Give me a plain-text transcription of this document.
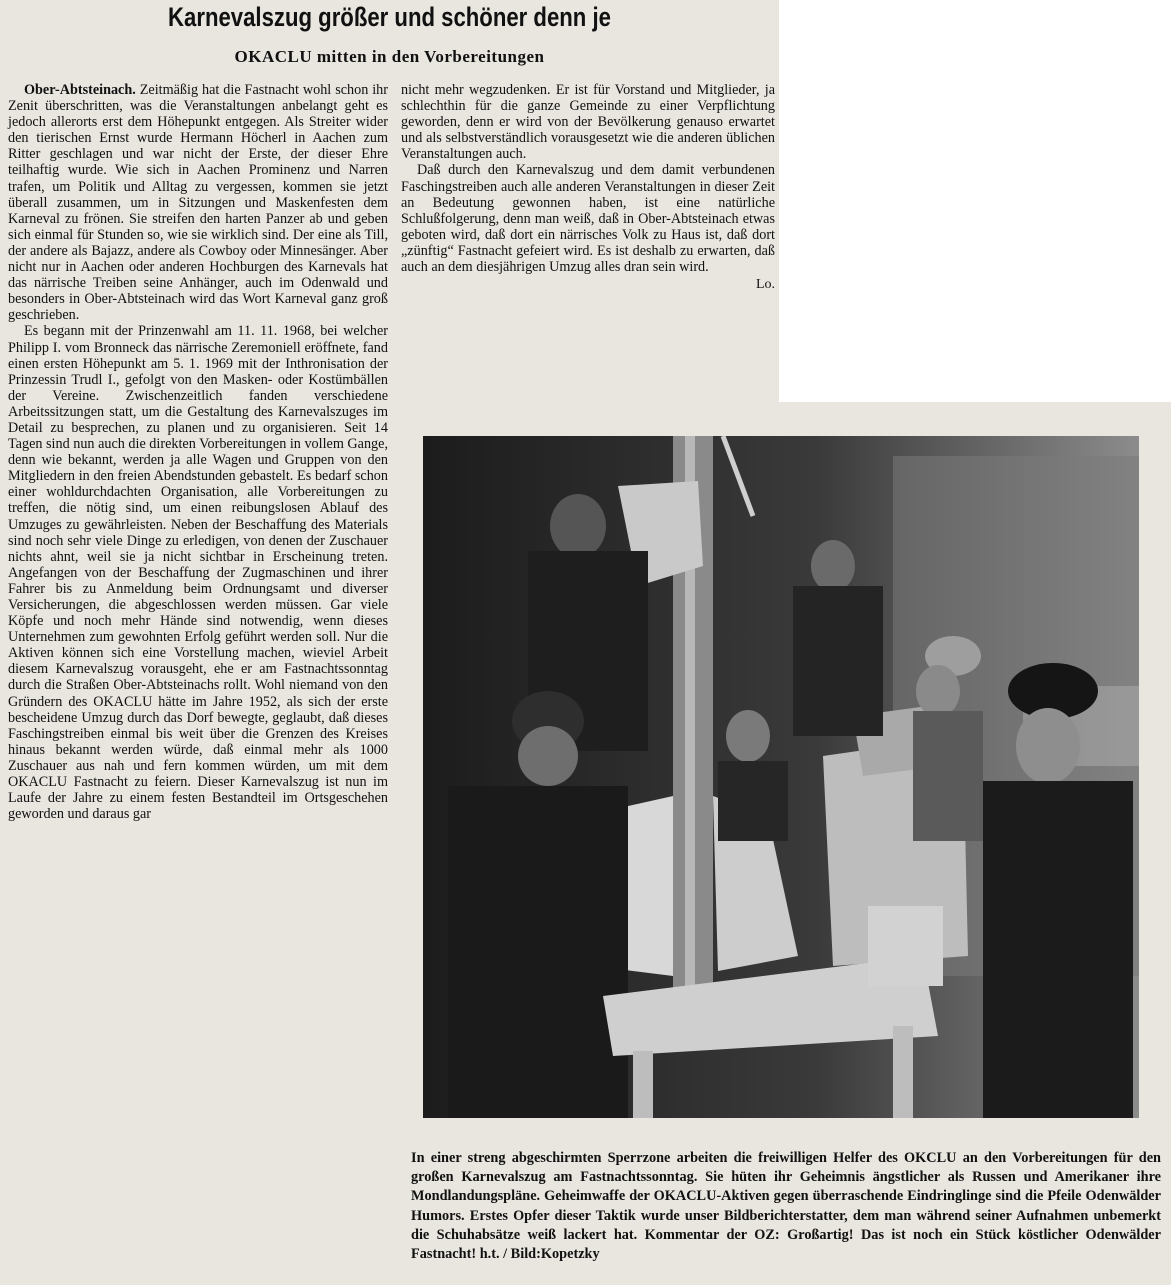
Karnevalszug größer und schöner denn je
OKACLU mitten in den Vorbereitungen

Ober-Abtsteinach. Zeitmäßig hat die Fastnacht wohl schon ihr Zenit überschritten, was die Veranstaltungen anbelangt geht es jedoch allerorts erst dem Höhepunkt entgegen. Als Streiter wider den tierischen Ernst wurde Hermann Höcherl in Aachen zum Ritter geschlagen und war nicht der Erste, der dieser Ehre teilhaftig wurde. Wie sich in Aachen Prominenz und Narren trafen, um Politik und Alltag zu vergessen, kommen sie jetzt überall zusammen, um in Sitzungen und Maskenfesten dem Karneval zu frönen. Sie streifen den harten Panzer ab und geben sich einmal für Stunden so, wie sie wirklich sind. Der eine als Till, der andere als Bajazz, andere als Cowboy oder Minnesänger. Aber nicht nur in Aachen oder anderen Hochburgen des Karnevals hat das närrische Treiben seine Anhänger, auch im Odenwald und besonders in Ober-Abtsteinach wird das Wort Karneval ganz groß geschrieben.

Es begann mit der Prinzenwahl am 11. 11. 1968, bei welcher Philipp I. vom Bronneck das närrische Zeremoniell eröffnete, fand einen ersten Höhepunkt am 5. 1. 1969 mit der Inthronisation der Prinzessin Trudl I., gefolgt von den Masken- oder Kostümbällen der Vereine. Zwischenzeitlich fanden verschiedene Arbeitssitzungen statt, um die Gestaltung des Karnevalszuges im Detail zu besprechen, zu planen und zu organisieren. Seit 14 Tagen sind nun auch die direkten Vorbereitungen in vollem Gange, denn wie bekannt, werden ja alle Wagen und Gruppen von den Mitgliedern in den freien Abendstunden gebastelt. Es bedarf schon einer wohldurchdachten Organisation, alle Vorbereitungen zu treffen, die nötig sind, um einen reibungslosen Ablauf des Umzuges zu gewährleisten. Neben der Beschaffung des Materials sind noch sehr viele Dinge zu erledigen, von denen der Zuschauer nichts ahnt, weil sie ja nicht sichtbar in Erscheinung treten. Angefangen von der Beschaffung der Zugmaschinen und ihrer Fahrer bis zu Anmeldung beim Ordnungsamt und diverser Versicherungen, die abgeschlossen werden müssen. Gar viele Köpfe und noch mehr Hände sind notwendig, wenn dieses Unternehmen zum gewohnten Erfolg geführt werden soll. Nur die Aktiven können sich eine Vorstellung machen, wieviel Arbeit diesem Karnevalszug vorausgeht, ehe er am Fastnachtssonntag durch die Straßen Ober-Abtsteinachs rollt. Wohl niemand von den Gründern des OKACLU hätte im Jahre 1952, als sich der erste bescheidene Umzug durch das Dorf bewegte, geglaubt, daß dieses Faschingstreiben einmal bis weit über die Grenzen des Kreises hinaus bekannt werden würde, daß einmal mehr als 1000 Zuschauer aus nah und fern kommen würden, um mit dem OKACLU Fastnacht zu feiern. Dieser Karnevalszug ist nun im Laufe der Jahre zu einem festen Bestandteil im Ortsgeschehen geworden und daraus gar

nicht mehr wegzudenken. Er ist für Vorstand und Mitglieder, ja schlechthin für die ganze Gemeinde zu einer Verpflichtung geworden, denn er wird von der Bevölkerung genauso erwartet und als selbstverständlich vorausgesetzt wie die anderen üblichen Veranstaltungen auch.

Daß durch den Karnevalszug und dem damit verbundenen Faschingstreiben auch alle anderen Veranstaltungen in dieser Zeit an Bedeutung gewonnen haben, ist eine natürliche Schlußfolgerung, denn man weiß, daß in Ober-Abtsteinach etwas geboten wird, daß dort ein närrisches Volk zu Haus ist, daß dort „zünftig“ Fastnacht gefeiert wird. Es ist deshalb zu erwarten, daß auch an dem diesjährigen Umzug alles dran sein wird.

Lo.
In einer streng abgeschirmten Sperrzone arbeiten die freiwilligen Helfer des OKCLU an den Vorbereitungen für den großen Karnevalszug am Fastnachtssonntag. Sie hüten ihr Geheimnis ängstlicher als Russen und Amerikaner ihre Mondlandungspläne. Geheimwaffe der OKACLU-Aktiven gegen überraschende Eindringlinge sind die Pfeile Odenwälder Humors. Erstes Opfer dieser Taktik wurde unser Bildberichterstatter, dem man während seiner Aufnahmen unbemerkt die Schuhabsätze weiß lackert hat. Kommentar der OZ: Großartig! Das ist noch ein Stück köstlicher Odenwälder Fastnacht! h.t. / Bild:Kopetzky
